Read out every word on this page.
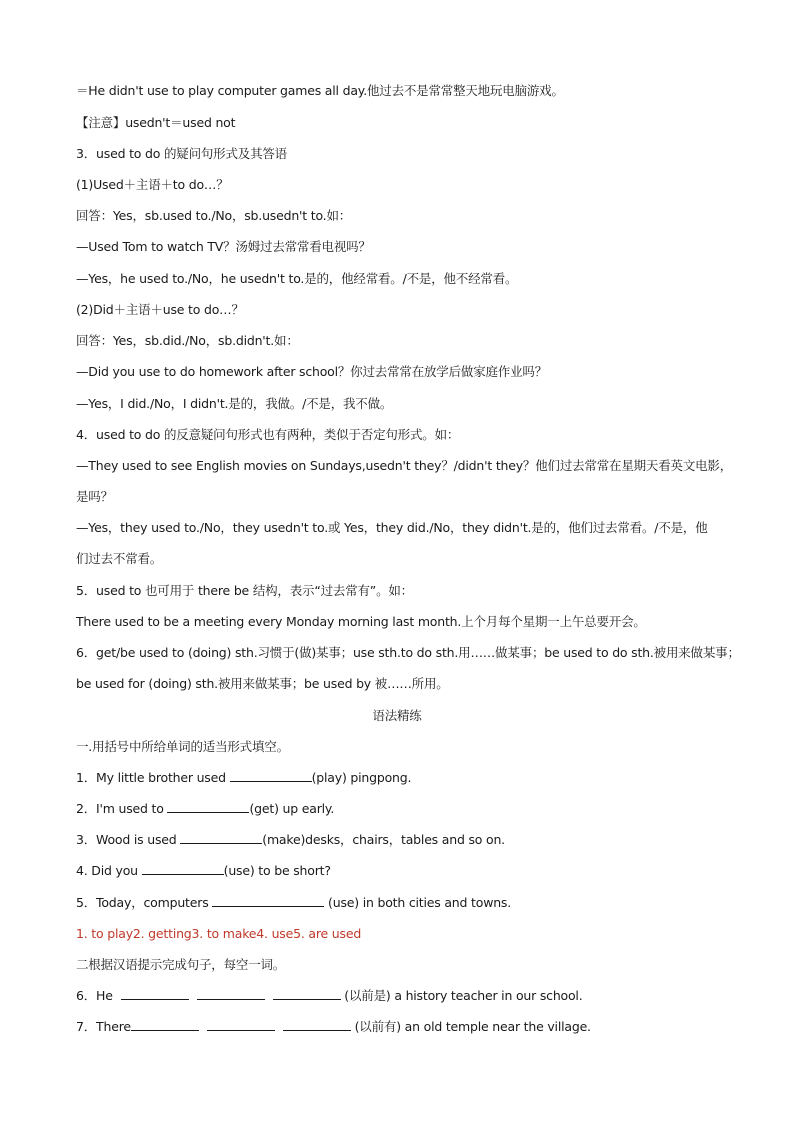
＝He didn't use to play computer games all day.他过去不是常常整天地玩电脑游戏。
【注意】usedn't＝used not
3．used to do 的疑问句形式及其答语
(1)Used＋主语＋to do…？
回答：Yes，sb.used to./No，sb.usedn't to.如：
—Used Tom to watch TV？汤姆过去常常看电视吗？
—Yes，he used to./No，he usedn't to.是的，他经常看。/不是，他不经常看。
(2)Did＋主语＋use to do…？
回答：Yes，sb.did./No，sb.didn't.如：
—Did you use to do homework after school？你过去常常在放学后做家庭作业吗？
—Yes，I did./No，I didn't.是的，我做。/不是，我不做。
4．used to do 的反意疑问句形式也有两种，类似于否定句形式。如：
—They used to see English movies on Sundays,usedn't they？/didn't they？他们过去常常在星期天看英文电影，
是吗？
—Yes，they used to./No，they usedn't to.或 Yes，they did./No，they didn't.是的，他们过去常看。/不是，他
们过去不常看。
5．used to 也可用于 there be 结构，表示“过去常有”。如：
There used to be a meeting every Monday morning last month.上个月每个星期一上午总要开会。
6．get/be used to (doing) sth.习惯于(做)某事；use sth.to do sth.用……做某事；be used to do sth.被用来做某事；
be used for (doing) sth.被用来做某事；be used by 被……所用。
语法精练
一.用括号中所给单词的适当形式填空。
1．My little brother used	(play) pingpong.
2．I'm used to	(get) up early.
3．Wood is used	(make)desks，chairs，tables and so on.
4. Did you	(use) to be short?
5．Today，computers	(use) in both cities and towns.
1. to play2. getting3. to make4. use5. are used
二根据汉语提示完成句子，每空一词。
6．He	(以前是) a history teacher in our school.
7．There	(以前有) an old temple near the village.
